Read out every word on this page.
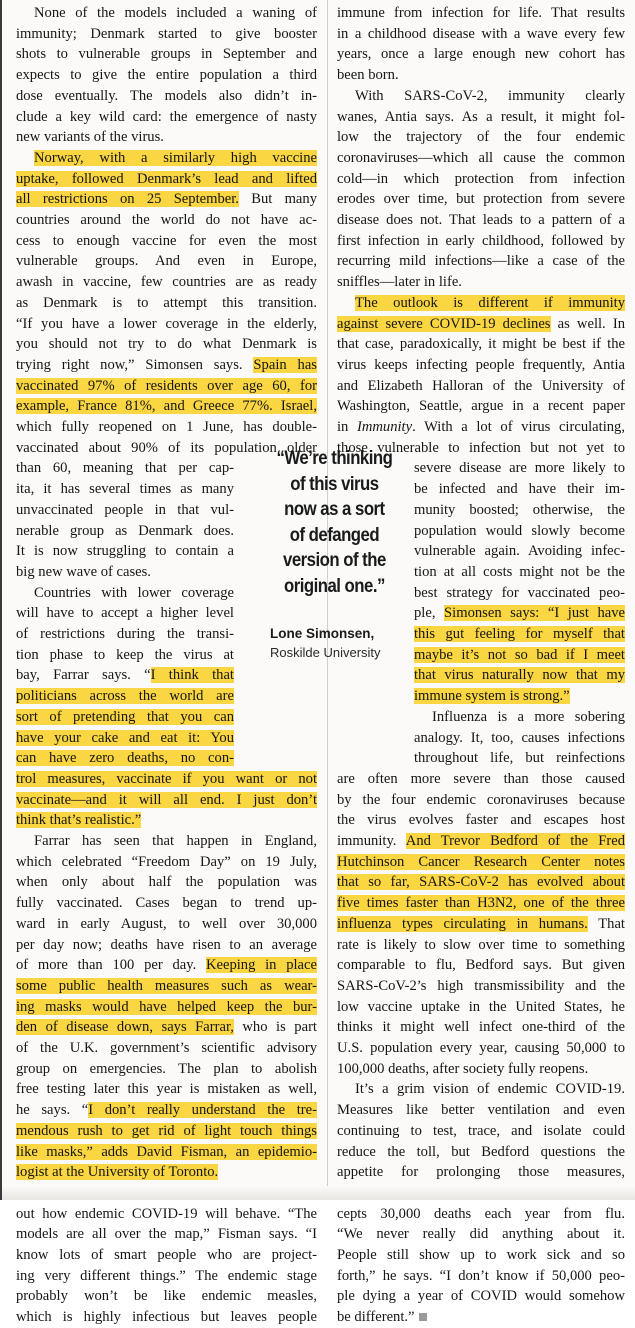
None of the models included a waning of
immunity; Denmark started to give booster
shots to vulnerable groups in September and
expects to give the entire population a third
dose eventually. The models also didn’t in-
clude a key wild card: the emergence of nasty
new variants of the virus.
Norway, with a similarly high vaccine
uptake, followed Denmark’s lead and lifted
all restrictions on 25 September. But many
countries around the world do not have ac-
cess to enough vaccine for even the most
vulnerable groups. And even in Europe,
awash in vaccine, few countries are as ready
as Denmark is to attempt this transition.
“If you have a lower coverage in the elderly,
you should not try to do what Denmark is
trying right now,” Simonsen says. Spain has
vaccinated 97% of residents over age 60, for
example, France 81%, and Greece 77%. Israel,
which fully reopened on 1 June, has double-
vaccinated about 90% of its population older
than 60, meaning that per cap-
ita, it has several times as many
unvaccinated people in that vul-
nerable group as Denmark does.
It is now struggling to contain a
big new wave of cases.
Countries with lower coverage
will have to accept a higher level
of restrictions during the transi-
tion phase to keep the virus at
bay, Farrar says. “I think that
politicians across the world are
sort of pretending that you can
have your cake and eat it: You
can have zero deaths, no con-
trol measures, vaccinate if you want or not
vaccinate—and it will all end. I just don’t
think that’s realistic.”
Farrar has seen that happen in England,
which celebrated “Freedom Day” on 19 July,
when only about half the population was
fully vaccinated. Cases began to trend up-
ward in early August, to well over 30,000
per day now; deaths have risen to an average
of more than 100 per day. Keeping in place
some public health measures such as wear-
ing masks would have helped keep the bur-
den of disease down, says Farrar, who is part
of the U.K. government’s scientific advisory
group on emergencies. The plan to abolish
free testing later this year is mistaken as well,
he says. “I don’t really understand the tre-
mendous rush to get rid of light touch things
like masks,” adds David Fisman, an epidemio-
logist at the University of Toronto.
out how endemic COVID-19 will behave. “The
models are all over the map,” Fisman says. “I
know lots of smart people who are project-
ing very different things.” The endemic stage
probably won’t be like endemic measles,
which is highly infectious but leaves people
immune from infection for life. That results
in a childhood disease with a wave every few
years, once a large enough new cohort has
been born.
With SARS-CoV-2, immunity clearly
wanes, Antia says. As a result, it might fol-
low the trajectory of the four endemic
coronaviruses—which all cause the common
cold—in which protection from infection
erodes over time, but protection from severe
disease does not. That leads to a pattern of a
first infection in early childhood, followed by
recurring mild infections—like a case of the
sniffles—later in life.
The outlook is different if immunity
against severe COVID-19 declines as well. In
that case, paradoxically, it might be best if the
virus keeps infecting people frequently, Antia
and Elizabeth Halloran of the University of
Washington, Seattle, argue in a recent paper
in Immunity. With a lot of virus circulating,
those vulnerable to infection but not yet to
severe disease are more likely to
be infected and have their im-
munity boosted; otherwise, the
population would slowly become
vulnerable again. Avoiding infec-
tion at all costs might not be the
best strategy for vaccinated peo-
ple, Simonsen says: “I just have
this gut feeling for myself that
maybe it’s not so bad if I meet
that virus naturally now that my
immune system is strong.”
Influenza is a more sobering
analogy. It, too, causes infections
throughout life, but reinfections
are often more severe than those caused
by the four endemic coronaviruses because
the virus evolves faster and escapes host
immunity. And Trevor Bedford of the Fred
Hutchinson Cancer Research Center notes
that so far, SARS-CoV-2 has evolved about
five times faster than H3N2, one of the three
influenza types circulating in humans. That
rate is likely to slow over time to something
comparable to flu, Bedford says. But given
SARS-CoV-2’s high transmissibility and the
low vaccine uptake in the United States, he
thinks it might well infect one-third of the
U.S. population every year, causing 50,000 to
100,000 deaths, after society fully reopens.
It’s a grim vision of endemic COVID-19.
Measures like better ventilation and even
continuing to test, trace, and isolate could
reduce the toll, but Bedford questions the
appetite for prolonging those measures,
cepts 30,000 deaths each year from flu.
“We never really did anything about it.
People still show up to work sick and so
forth,” he says. “I don’t know if 50,000 peo-
ple dying a year of COVID would somehow
be different.”
“We’re thinking
of this virus
now as a sort
of defanged
version of the
original one.”
Lone Simonsen,
Roskilde University
